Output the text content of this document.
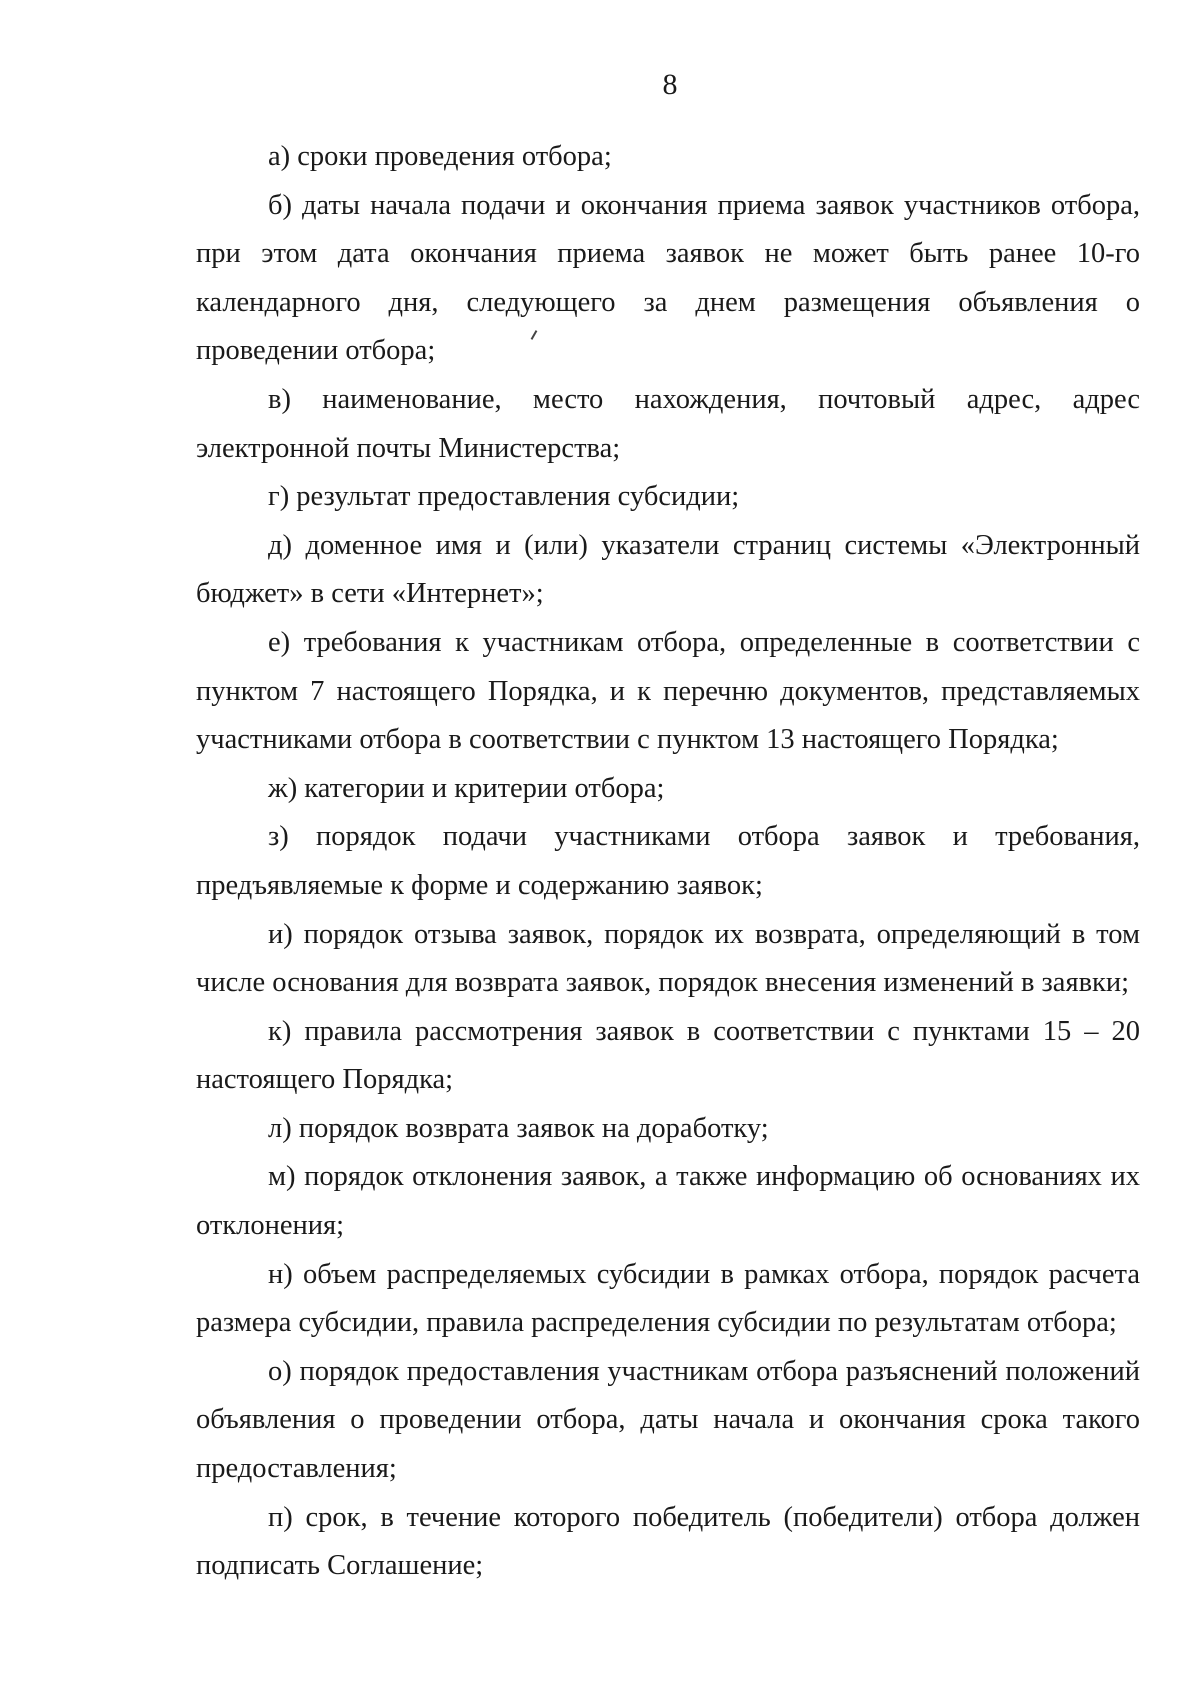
8

а) сроки проведения отбора;

б) даты начала подачи и окончания приема заявок участников отбора, при этом дата окончания приема заявок не может быть ранее 10-го календарного дня, следующего за днем размещения объявления о проведении отбора;

в) наименование, место нахождения, почтовый адрес, адрес электронной почты Министерства;

г) результат предоставления субсидии;

д) доменное имя и (или) указатели страниц системы «Электронный бюджет» в сети «Интернет»;

е) требования к участникам отбора, определенные в соответствии с пунктом 7 настоящего Порядка, и к перечню документов, представляемых участниками отбора в соответствии с пунктом 13 настоящего Порядка;

ж) категории и критерии отбора;

з) порядок подачи участниками отбора заявок и требования, предъявляемые к форме и содержанию заявок;

и) порядок отзыва заявок, порядок их возврата, определяющий в том числе основания для возврата заявок, порядок внесения изменений в заявки;

к) правила рассмотрения заявок в соответствии с пунктами 15 – 20 настоящего Порядка;

л) порядок возврата заявок на доработку;

м) порядок отклонения заявок, а также информацию об основаниях их отклонения;

н) объем распределяемых субсидии в рамках отбора, порядок расчета размера субсидии, правила распределения субсидии по результатам отбора;

о) порядок предоставления участникам отбора разъяснений положений объявления о проведении отбора, даты начала и окончания срока такого предоставления;

п) срок, в течение которого победитель (победители) отбора должен подписать Соглашение;
